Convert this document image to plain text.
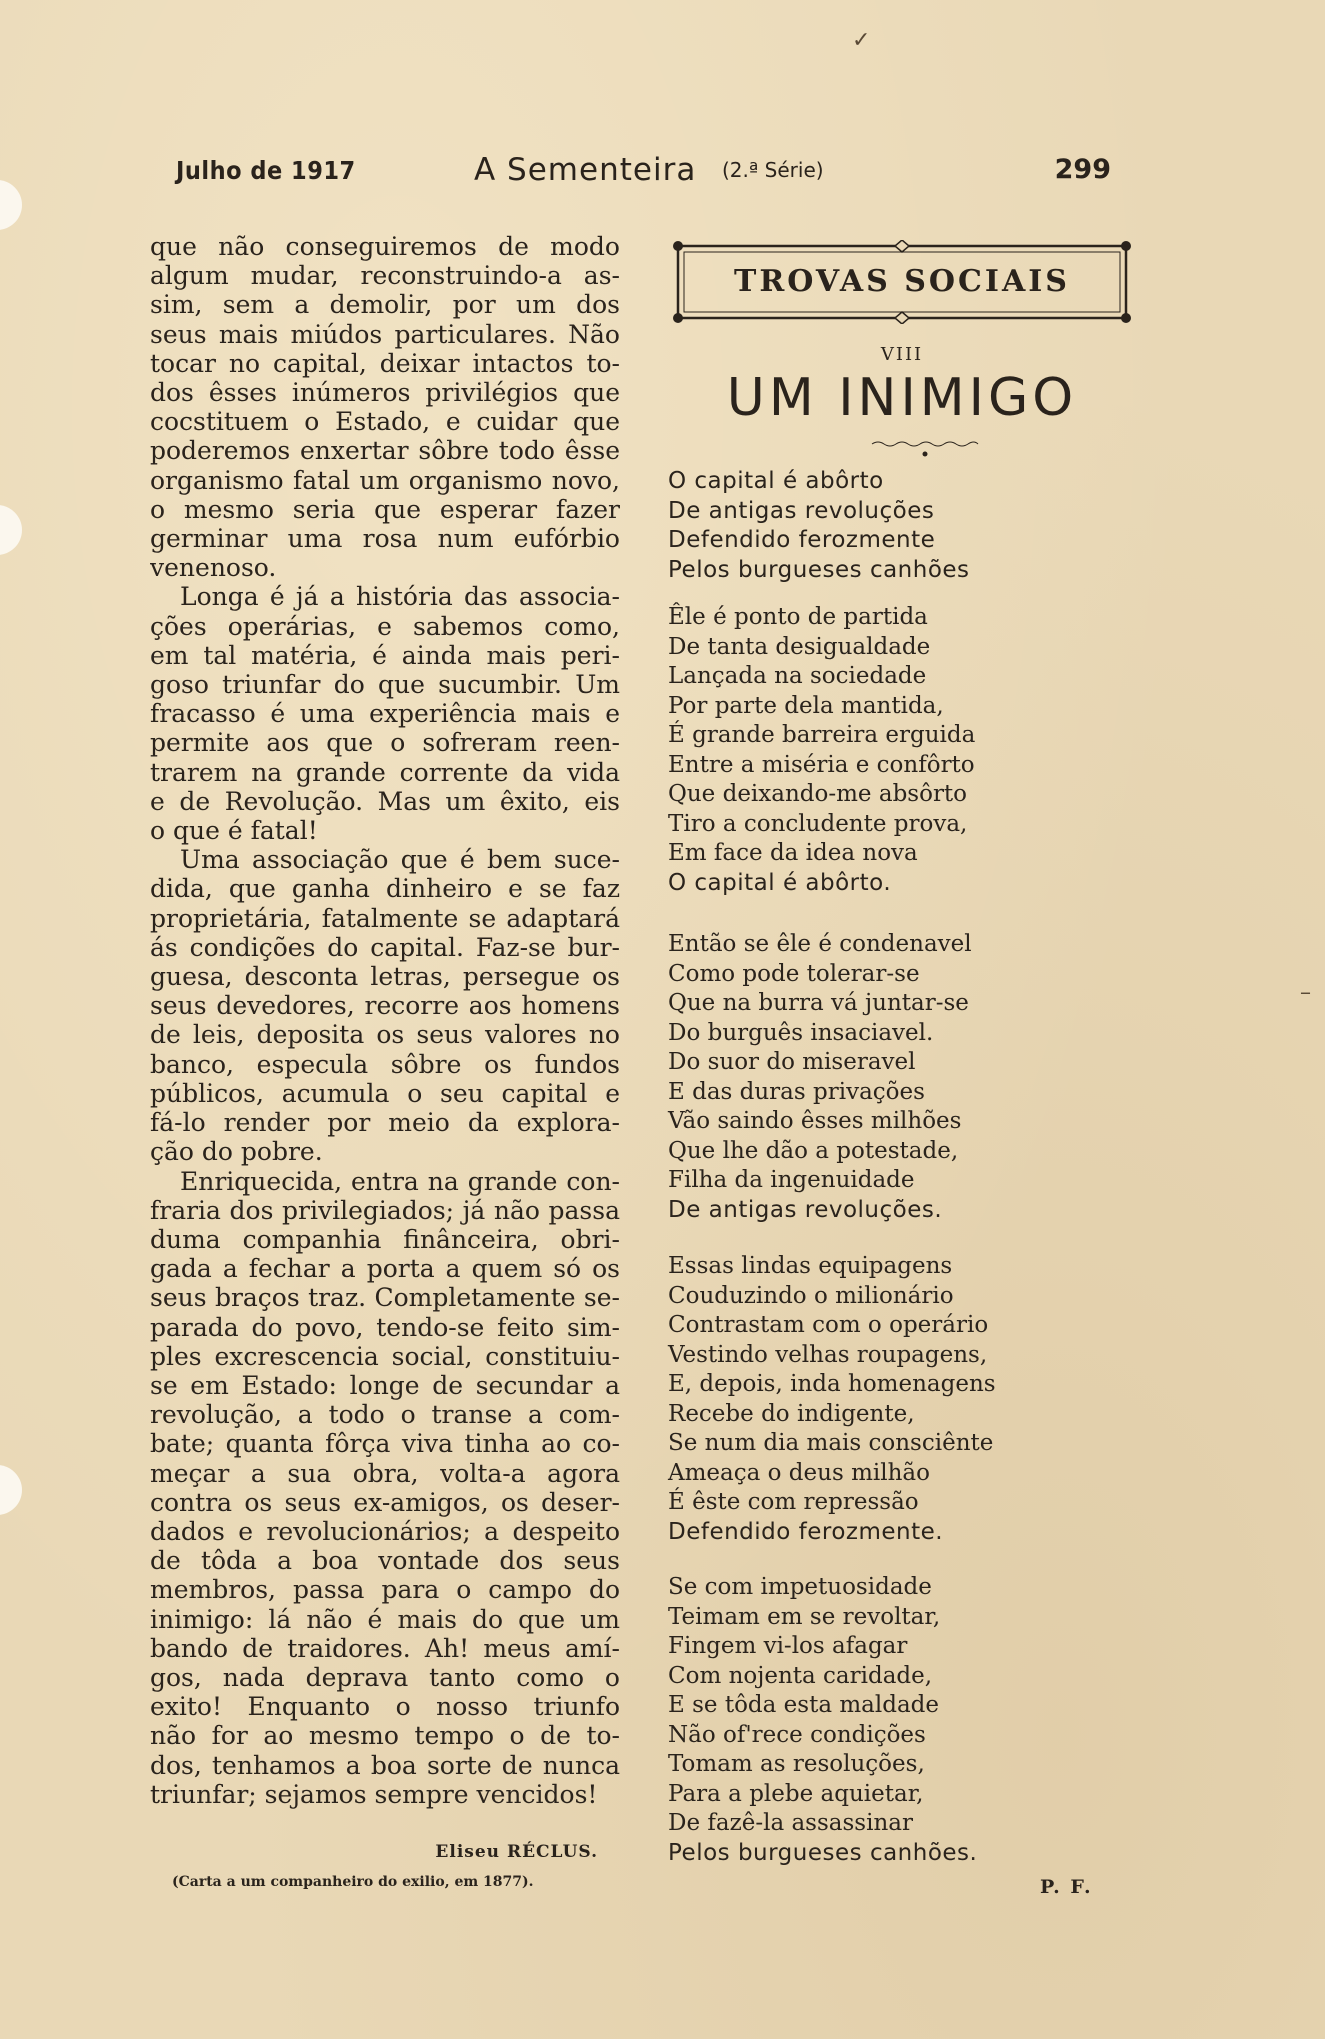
Julho de 1917	A Sementeira (2.ª Série)	299

que não conseguiremos de modo
algum mudar, reconstruindo-a as-
sim, sem a demolir, por um dos
seus mais miúdos particulares. Não
tocar no capital, deixar intactos to-
dos êsses inúmeros privilégios que
cocstituem o Estado, e cuidar que
poderemos enxertar sôbre todo êsse
organismo fatal um organismo novo,
o mesmo seria que esperar fazer
germinar uma rosa num eufórbio
venenoso.

Longa é já a história das associa-
ções operárias, e sabemos como,
em tal matéria, é ainda mais peri-
goso triunfar do que sucumbir. Um
fracasso é uma experiência mais e
permite aos que o sofreram reen-
trarem na grande corrente da vida
e de Revolução. Mas um êxito, eis
o que é fatal!

Uma associação que é bem suce-
dida, que ganha dinheiro e se faz
proprietária, fatalmente se adaptará
ás condições do capital. Faz-se bur-
guesa, desconta letras, persegue os
seus devedores, recorre aos homens
de leis, deposita os seus valores no
banco, especula sôbre os fundos
públicos, acumula o seu capital e
fá-lo render por meio da explora-
ção do pobre.

Enriquecida, entra na grande con-
fraria dos privilegiados; já não passa
duma companhia finânceira, obri-
gada a fechar a porta a quem só os
seus braços traz. Completamente se-
parada do povo, tendo-se feito sim-
ples excrescencia social, constituiu-
se em Estado: longe de secundar a
revolução, a todo o transe a com-
bate; quanta fôrça viva tinha ao co-
meçar a sua obra, volta-a agora
contra os seus ex-amigos, os deser-
dados e revolucionários; a despeito
de tôda a boa vontade dos seus
membros, passa para o campo do
inimigo: lá não é mais do que um
bando de traidores. Ah! meus amí-
gos, nada deprava tanto como o
exito! Enquanto o nosso triunfo
não for ao mesmo tempo o de to-
dos, tenhamos a boa sorte de nunca
triunfar; sejamos sempre vencidos!

Eliseu RÉCLUS.
(Carta a um companheiro do exilio, em 1877).
TROVAS SOCIAIS
VIII
UM INIMIGO
O capital é abôrto
De antigas revoluções
Defendido ferozmente
Pelos burgueses canhões
Êle é ponto de partida
De tanta desigualdade
Lançada na sociedade
Por parte dela mantida,
É grande barreira erguida
Entre a miséria e confôrto
Que deixando-me absôrto
Tiro a concludente prova,
Em face da idea nova
O capital é abôrto.
Então se êle é condenavel
Como pode tolerar-se
Que na burra vá juntar-se
Do burguês insaciavel.
Do suor do miseravel
E das duras privações
Vão saindo êsses milhões
Que lhe dão a potestade,
Filha da ingenuidade
De antigas revoluções.
Essas lindas equipagens
Couduzindo o milionário
Contrastam com o operário
Vestindo velhas roupagens,
E, depois, inda homenagens
Recebe do indigente,
Se num dia mais consciênte
Ameaça o deus milhão
É êste com repressão
Defendido ferozmente.
Se com impetuosidade
Teimam em se revoltar,
Fingem vi-los afagar
Com nojenta caridade,
E se tôda esta maldade
Não of'rece condições
Tomam as resoluções,
Para a plebe aquietar,
De fazê-la assassinar
Pelos burgueses canhões.
P. F.
✓
–
